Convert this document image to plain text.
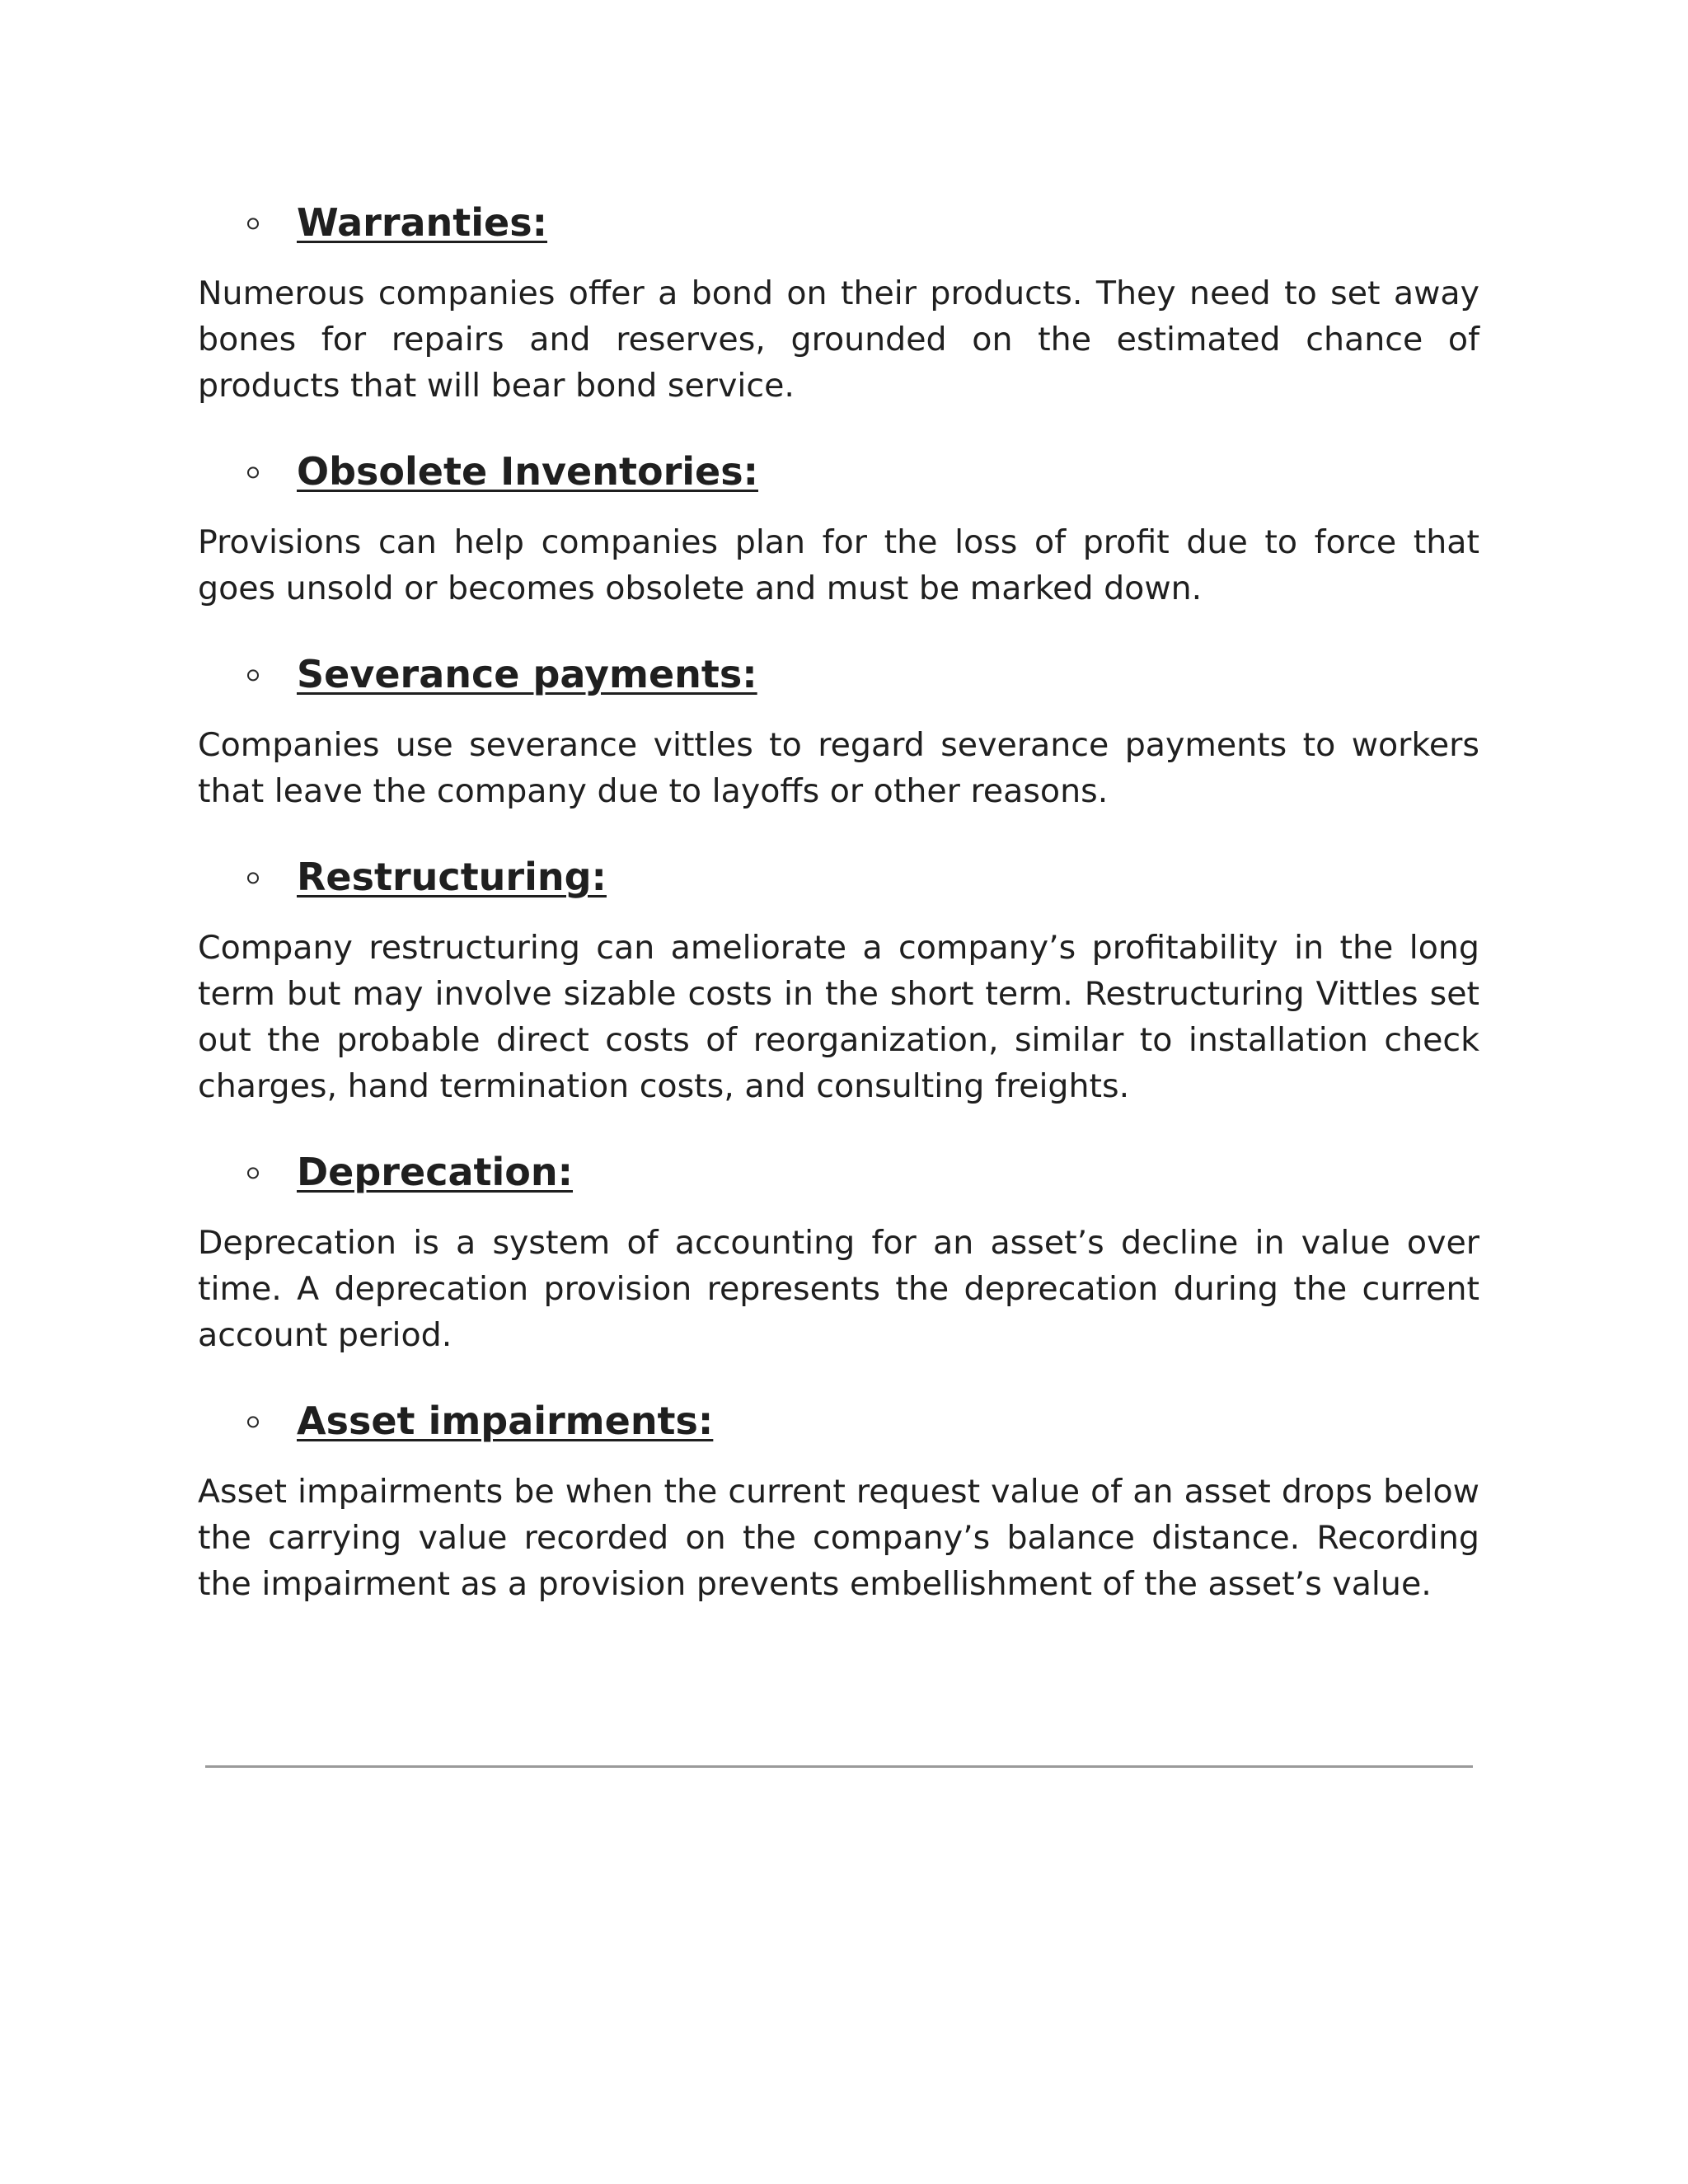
Warranties:

Numerous companies offer a bond on their products. They need to set away bones for repairs and reserves, grounded on the estimated chance of products that will bear bond service.

Obsolete Inventories:

Provisions can help companies plan for the loss of profit due to force that goes unsold or becomes obsolete and must be marked down.

Severance payments:

Companies use severance vittles to regard severance payments to workers that leave the company due to layoffs or other reasons.

Restructuring:

Company restructuring can ameliorate a company’s profitability in the long term but may involve sizable costs in the short term. Restructuring Vittles set out the probable direct costs of reorganization, similar to installation check charges, hand termination costs, and consulting freights.

Deprecation:

Deprecation is a system of accounting for an asset’s decline in value over time. A deprecation provision represents the deprecation during the current account period.

Asset impairments:

Asset impairments be when the current request value of an asset drops below the carrying value recorded on the company’s balance distance. Recording the impairment as a provision prevents embellishment of the asset’s value.
